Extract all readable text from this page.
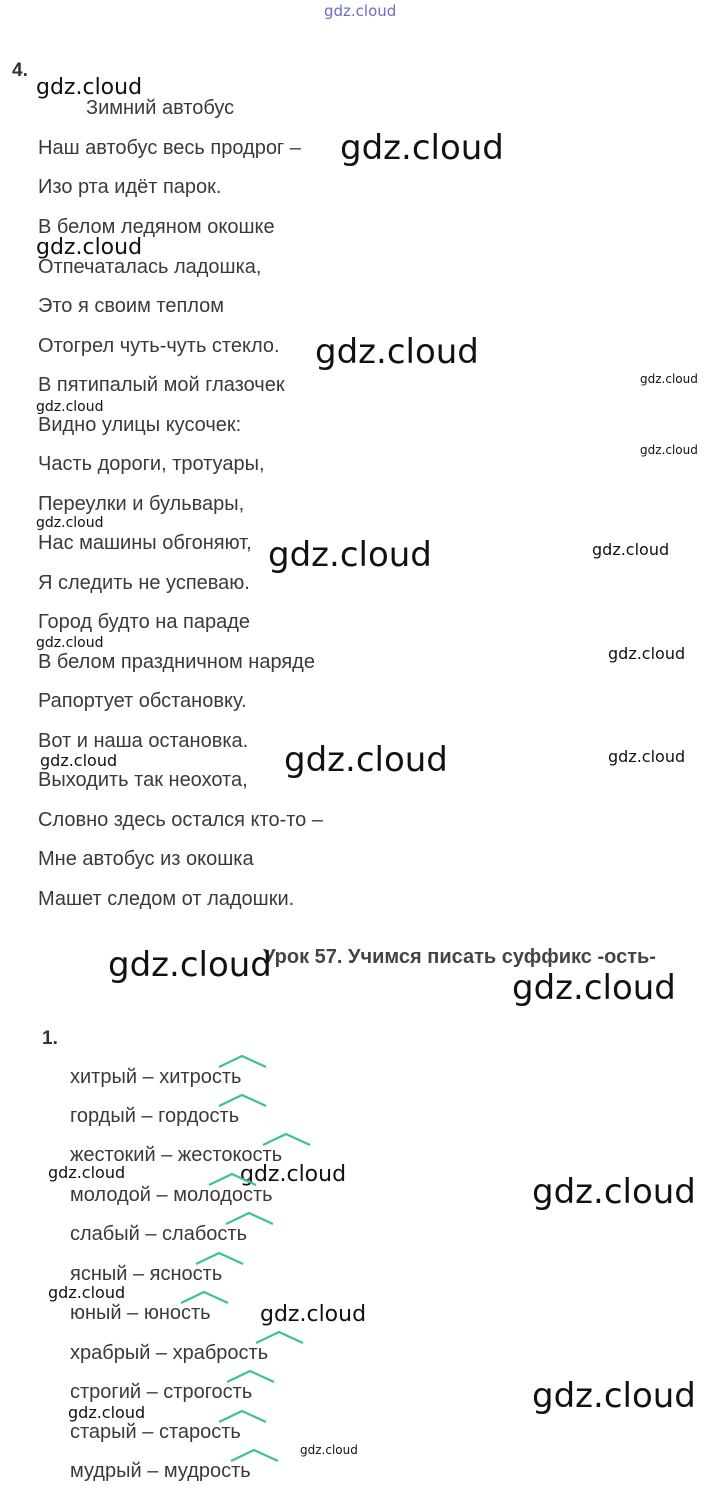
gdz.cloud
4.
Зимний автобус
Наш автобус весь продрог –
Изо рта идёт парок.
В белом ледяном окошке
Отпечаталась ладошка,
Это я своим теплом
Отогрел чуть-чуть стекло.
В пятипалый мой глазочек
Видно улицы кусочек:
Часть дороги, тротуары,
Переулки и бульвары,
Нас машины обгоняют,
Я следить не успеваю.
Город будто на параде
В белом праздничном наряде
Рапортует обстановку.
Вот и наша остановка.
Выходить так неохота,
Словно здесь остался кто-то –
Мне автобус из окошка
Машет следом от ладошки.
Урок 57. Учимся писать суффикс -ость-
1.
хитрый – хитрость
гордый – гордость
жестокий – жестокость
молодой – молодость
слабый – слабость
ясный – ясность
юный – юность
храбрый – храбрость
строгий – строгость
старый – старость
мудрый – мудрость
gdz.cloud
gdz.cloud
gdz.cloud
gdz.cloud
gdz.cloud
gdz.cloud
gdz.cloud
gdz.cloud
gdz.cloud	gdz.cloud
gdz.cloud
gdz.cloud
gdz.cloud	gdz.cloud	gdz.cloud
gdz.cloud
gdz.cloud
gdz.cloud	gdz.cloud	gdz.cloud
gdz.cloud
gdz.cloud
gdz.cloud
gdz.cloud
gdz.cloud
